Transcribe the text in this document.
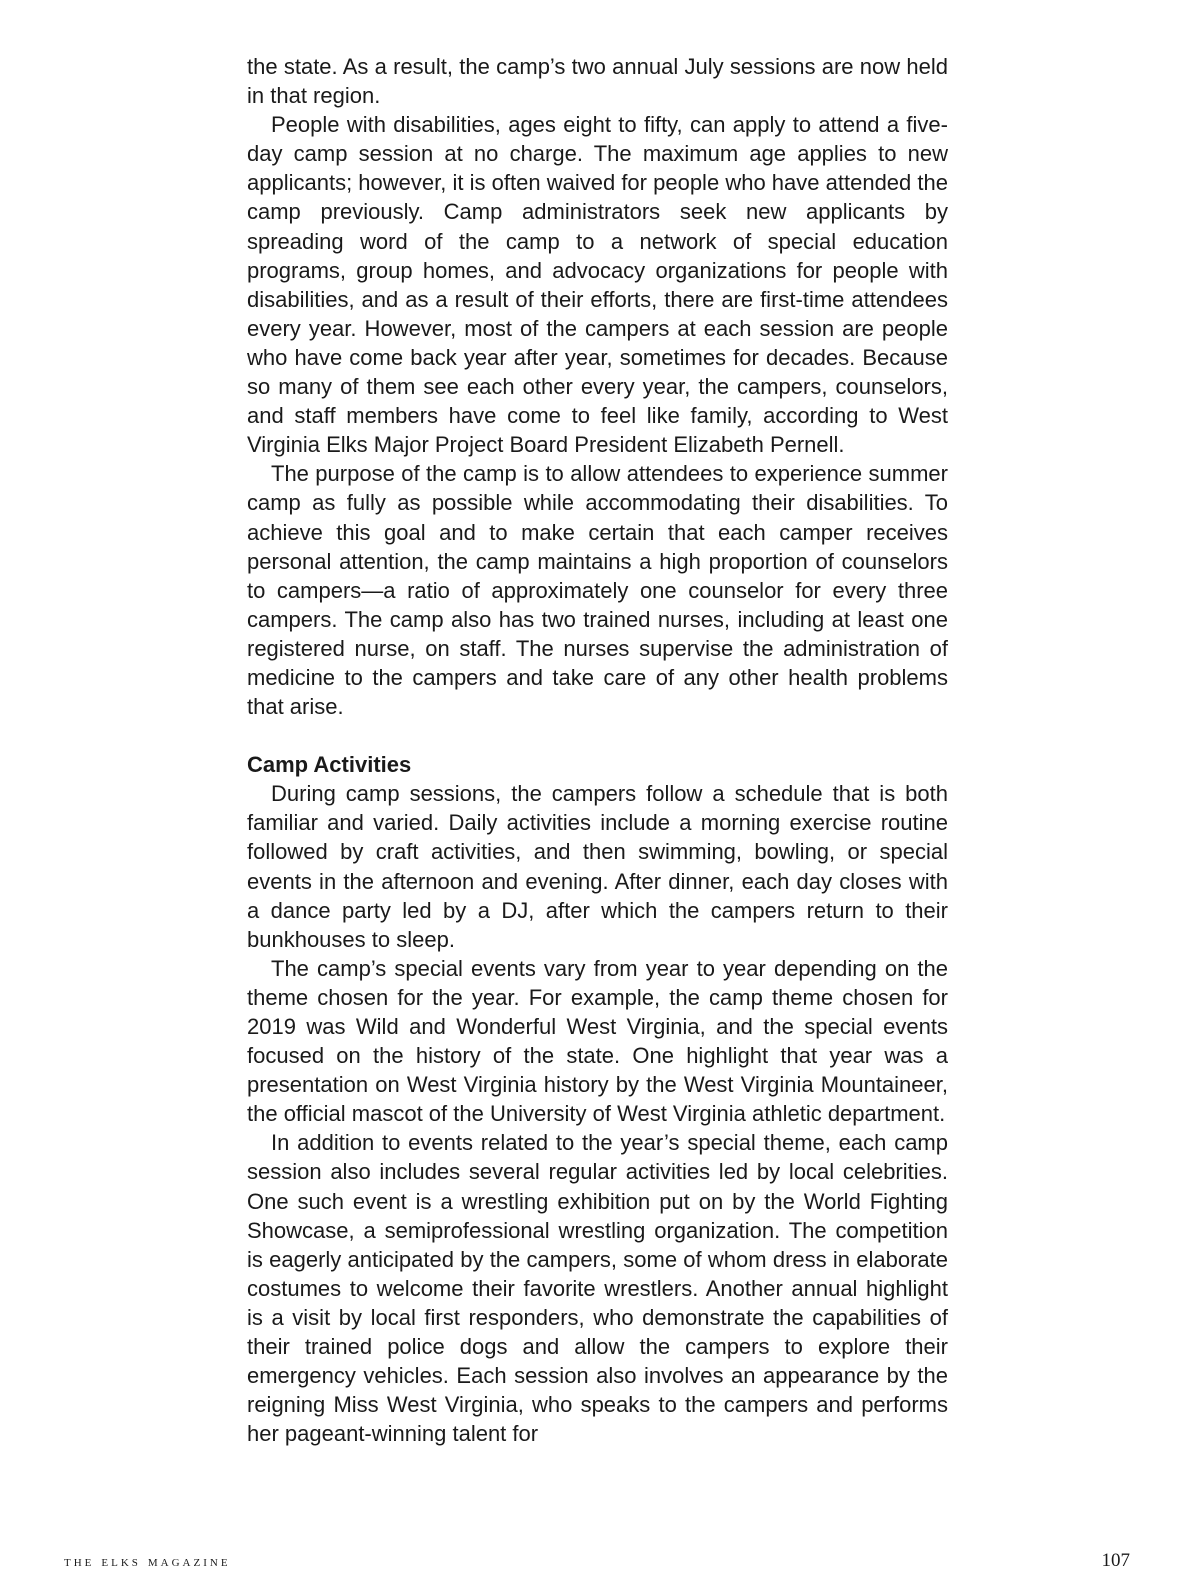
the state. As a result, the camp’s two annual July sessions are now held in that region.

People with disabilities, ages eight to fifty, can apply to attend a five-day camp session at no charge. The maximum age applies to new applicants; however, it is often waived for people who have attended the camp previously. Camp administrators seek new applicants by spreading word of the camp to a network of special education programs, group homes, and advocacy organizations for people with disabilities, and as a result of their efforts, there are first-time attendees every year. However, most of the campers at each session are people who have come back year after year, sometimes for decades. Because so many of them see each other every year, the campers, counselors, and staff members have come to feel like family, according to West Virginia Elks Major Project Board President Elizabeth Pernell.

The purpose of the camp is to allow attendees to experience summer camp as fully as possible while accommodating their disabilities. To achieve this goal and to make certain that each camper receives personal attention, the camp maintains a high proportion of counselors to campers—a ratio of approximately one counselor for every three campers. The camp also has two trained nurses, including at least one registered nurse, on staff. The nurses supervise the administration of medicine to the campers and take care of any other health problems that arise.

Camp Activities

During camp sessions, the campers follow a schedule that is both familiar and varied. Daily activities include a morning exercise routine followed by craft activities, and then swimming, bowling, or special events in the afternoon and evening. After dinner, each day closes with a dance party led by a DJ, after which the campers return to their bunkhouses to sleep.

The camp’s special events vary from year to year depending on the theme chosen for the year. For example, the camp theme chosen for 2019 was Wild and Wonderful West Virginia, and the special events focused on the history of the state. One highlight that year was a presentation on West Virginia history by the West Virginia Mountaineer, the official mascot of the University of West Virginia athletic department.

In addition to events related to the year’s special theme, each camp session also includes several regular activities led by local celebrities. One such event is a wrestling exhibition put on by the World Fighting Showcase, a semiprofessional wrestling organization. The competition is eagerly anticipated by the campers, some of whom dress in elaborate costumes to welcome their favorite wrestlers. Another annual highlight is a visit by local first responders, who demonstrate the capabilities of their trained police dogs and allow the campers to explore their emergency vehicles. Each session also involves an appearance by the reigning Miss West Virginia, who speaks to the campers and performs her pageant-winning talent for

the elks magazine	107
